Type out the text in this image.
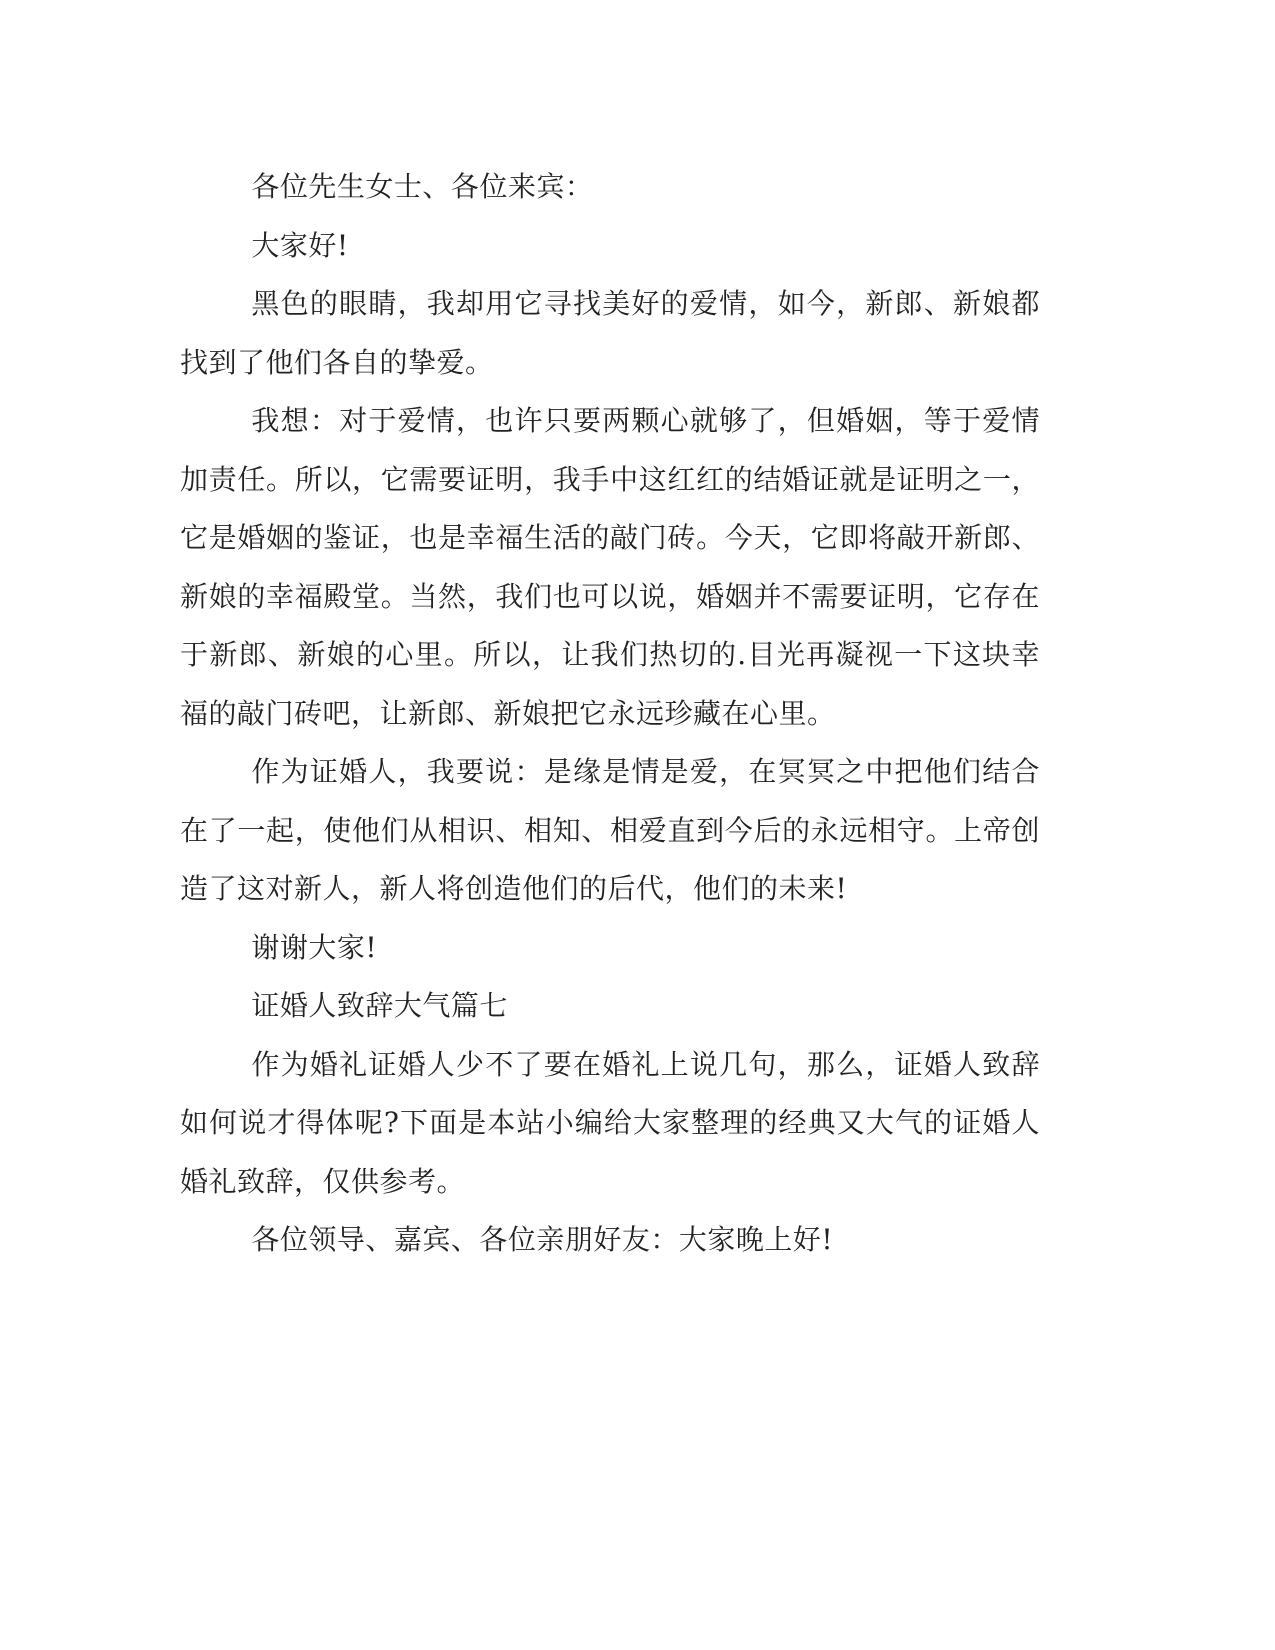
各位先生女士、各位来宾：

大家好!

黑色的眼睛，我却用它寻找美好的爱情，如今，新郎、新娘都找到了他们各自的挚爱。

我想：对于爱情，也许只要两颗心就够了，但婚姻，等于爱情加责任。所以，它需要证明，我手中这红红的结婚证就是证明之一，它是婚姻的鉴证，也是幸福生活的敲门砖。今天，它即将敲开新郎、新娘的幸福殿堂。当然，我们也可以说，婚姻并不需要证明，它存在于新郎、新娘的心里。所以，让我们热切的.目光再凝视一下这块幸福的敲门砖吧，让新郎、新娘把它永远珍藏在心里。

作为证婚人，我要说：是缘是情是爱，在冥冥之中把他们结合在了一起，使他们从相识、相知、相爱直到今后的永远相守。上帝创造了这对新人，新人将创造他们的后代，他们的未来!

谢谢大家!

证婚人致辞大气篇七

作为婚礼证婚人少不了要在婚礼上说几句，那么，证婚人致辞如何说才得体呢?下面是本站小编给大家整理的经典又大气的证婚人婚礼致辞，仅供参考。

各位领导、嘉宾、各位亲朋好友：大家晚上好!
